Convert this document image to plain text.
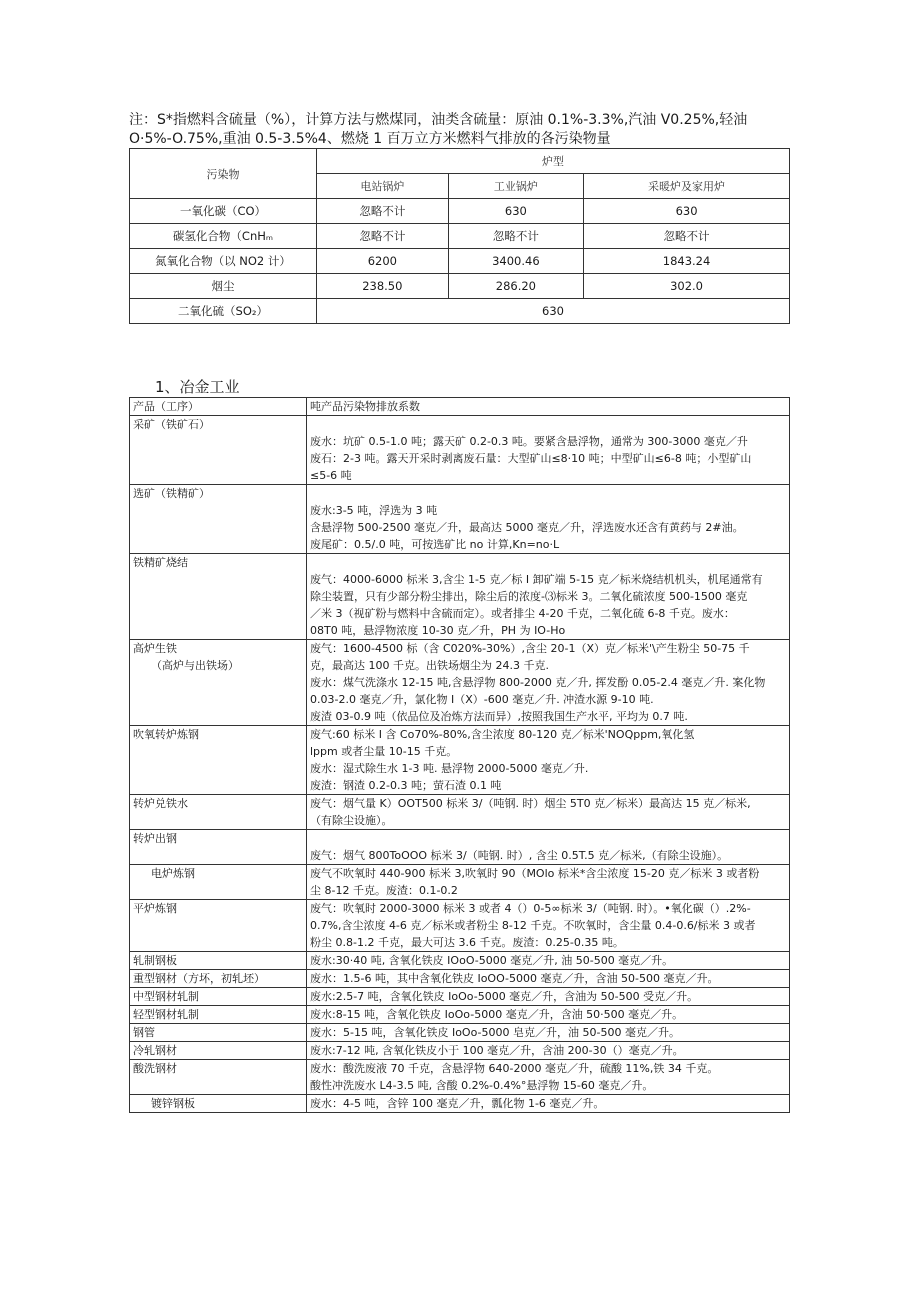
注：S*指燃料含硫量（%），计算方法与燃煤同，油类含硫量：原油 0.1%-3.3%,汽油 V0.25%,轻油
O·5%-O.75%,重油 0.5-3.5%4、燃烧 1 百万立方米燃料气排放的各污染物量
污染物	炉型		
	电站锅炉	工业锅炉	采暖炉及家用炉
一氧化碳（CO）	忽略不计	630	630
碳氢化合物（CnHₘ	忽略不计	忽略不计	忽略不计
氮氧化合物（以 NO2 计）	6200	3400.46	1843.24
烟尘	238.50	286.20	302.0
二氧化硫（SO₂）	630		
1、冶金工业
产品（工序）	吨产品污染物排放系数

采矿（铁矿石）	废水：坑矿 0.5-1.0 吨；露天矿 0.2-0.3 吨。要紧含悬浮物，通常为 300-3000 毫克／升
废石：2-3 吨。露天开采时剥离废石量：大型矿山≤8·10 吨；中型矿山≤6-8 吨；小型矿山
≤5-6 吨

选矿（铁精矿）	废水:3-5 吨，浮选为 3 吨
含悬浮物 500-2500 毫克／升，最高达 5000 毫克／升，浮选废水还含有黄药与 2#油。
废尾矿：0.5/.0 吨，可按选矿比 no 计算,Kn=no·L

铁精矿烧结	废气：4000-6000 标米 3,含尘 1-5 克／标 I 卸矿端 5-15 克／标米烧结机机头，机尾通常有
除尘装置，只有少部分粉尘排出，除尘后的浓度-⑶标米 3。二氧化硫浓度 500-1500 毫克
／米 3（视矿粉与燃料中含硫而定）。或者排尘 4-20 千克，二氧化硫 6-8 千克。废水：
08T0 吨，悬浮物浓度 10-30 克／升，PH 为 IO-Ho

高炉生铁
（高炉与出铁场）	废气：1600-4500 标（含 C020%-30%）,含尘 20-1（X）克／标米'\产生粉尘 50-75 千
克，最高达 100 千克。出铁场烟尘为 24.3 千克.
废水：煤气洗涤水 12-15 吨,含悬浮物 800-2000 克／升, 挥发酚 0.05-2.4 毫克／升. 案化物
0.03-2.0 毫克／升，氯化物 I（X）-600 毫克／升. 冲渣水源 9-10 吨.
废渣 03-0.9 吨（依品位及冶炼方法而异）,按照我国生产水平, 平均为 0.7 吨.

吹氧转炉炼钢	废气:60 标米 I 含 Co70%-80%,含尘浓度 80-120 克／标米'NOQppm,氧化氢
lppm 或者尘量 10-15 千克。
废水：湿式除生水 1-3 吨. 悬浮物 2000-5000 毫克／升.
废渣：钢渣 0.2-0.3 吨；萤石渣 0.1 吨

转炉兑铁水	废气：烟气量 K）OOT500 标米 3/（吨钢. 时）烟尘 5T0 克／标米）最高达 15 克／标米,
（有除尘设施）。

转炉出钢	废气：烟气 800ToOOO 标米 3/（吨钢. 时）, 含尘 0.5T.5 克／标米,（有除尘设施）。

电炉炼钢	废气不吹氧时 440-900 标米 3,吹氧时 90（MOlo 标米*含尘浓度 15-20 克／标米 3 或者粉
尘 8-12 千克。废渣：0.1-0.2

平炉炼钢	废气：吹氧时 2000-3000 标米 3 或者 4（）0-5∞标米 3/（吨钢. 时）。•氧化碳（）.2%-
0.7%,含尘浓度 4-6 克／标米或者粉尘 8-12 千克。不吹氧时，含尘量 0.4-0.6/标米 3 或者
粉尘 0.8-1.2 千克，最大可达 3.6 千克。废渣：0.25-0.35 吨。

轧制钢板	废水:30·40 吨, 含氧化铁皮 IOoO-5000 毫克／升, 油 50-500 毫克／升。

重型钢材（方坏，初轧坯）	废水：1.5-6 吨，其中含氧化铁皮 IoOO-5000 毫克／升，含油 50-500 毫克／升。

中型钢材轧制	废水:2.5-7 吨，含氧化铁皮 IoOo-5000 毫克／升，含油为 50-500 受克／升。

轻型钢材轧制	废水:8-15 吨，含氧化铁皮 IoOo-5000 毫克／升，含油 50·500 毫克／升。

钢管	废水：5-15 吨，含氧化铁皮 IoOo-5000 皂克／升，油 50-500 毫克／升。

冷轧钢材	废水:7-12 吨, 含氧化铁皮小于 100 毫克／升，含油 200-30（）毫克／升。

酸洗钢材	废水：酸洗废液 70 千克，含悬浮物 640-2000 毫克／升，硫酸 11%,铁 34 千克。
酸性冲洗废水 L4-3.5 吨, 含酸 0.2%-0.4%°悬浮物 15-60 毫克／升。

镀锌钢板	废水：4-5 吨，含锌 100 毫克／升，瓢化物 1-6 毫克／升。
